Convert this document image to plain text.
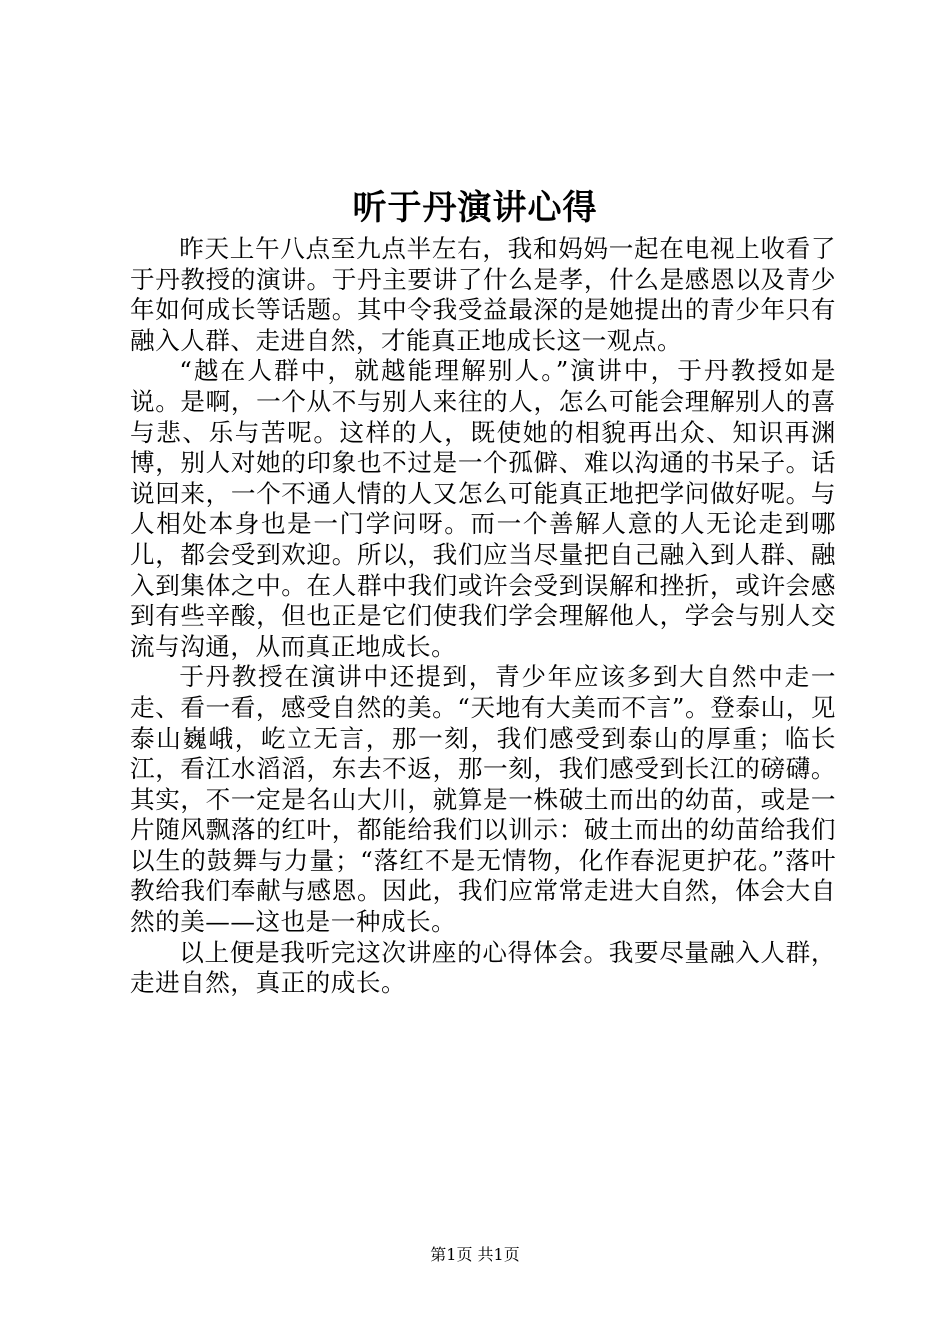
听于丹演讲心得

昨天上午八点至九点半左右，我和妈妈一起在电视上收看了于丹教授的演讲。于丹主要讲了什么是孝，什么是感恩以及青少年如何成长等话题。其中令我受益最深的是她提出的青少年只有融入人群、走进自然，才能真正地成长这一观点。

“越在人群中，就越能理解别人。”演讲中，于丹教授如是说。是啊，一个从不与别人来往的人，怎么可能会理解别人的喜与悲、乐与苦呢。这样的人，既使她的相貌再出众、知识再渊博，别人对她的印象也不过是一个孤僻、难以沟通的书呆子。话说回来，一个不通人情的人又怎么可能真正地把学问做好呢。与人相处本身也是一门学问呀。而一个善解人意的人无论走到哪儿，都会受到欢迎。所以，我们应当尽量把自己融入到人群、融入到集体之中。在人群中我们或许会受到误解和挫折，或许会感到有些辛酸，但也正是它们使我们学会理解他人，学会与别人交流与沟通，从而真正地成长。

于丹教授在演讲中还提到，青少年应该多到大自然中走一走、看一看，感受自然的美。“天地有大美而不言”。登泰山，见泰山巍峨，屹立无言，那一刻，我们感受到泰山的厚重；临长江，看江水滔滔，东去不返，那一刻，我们感受到长江的磅礴。其实，不一定是名山大川，就算是一株破土而出的幼苗，或是一片随风飘落的红叶，都能给我们以训示：破土而出的幼苗给我们以生的鼓舞与力量；“落红不是无情物，化作春泥更护花。”落叶教给我们奉献与感恩。因此，我们应常常走进大自然，体会大自然的美——这也是一种成长。

以上便是我听完这次讲座的心得体会。我要尽量融入人群，走进自然，真正的成长。

第1页 共1页
